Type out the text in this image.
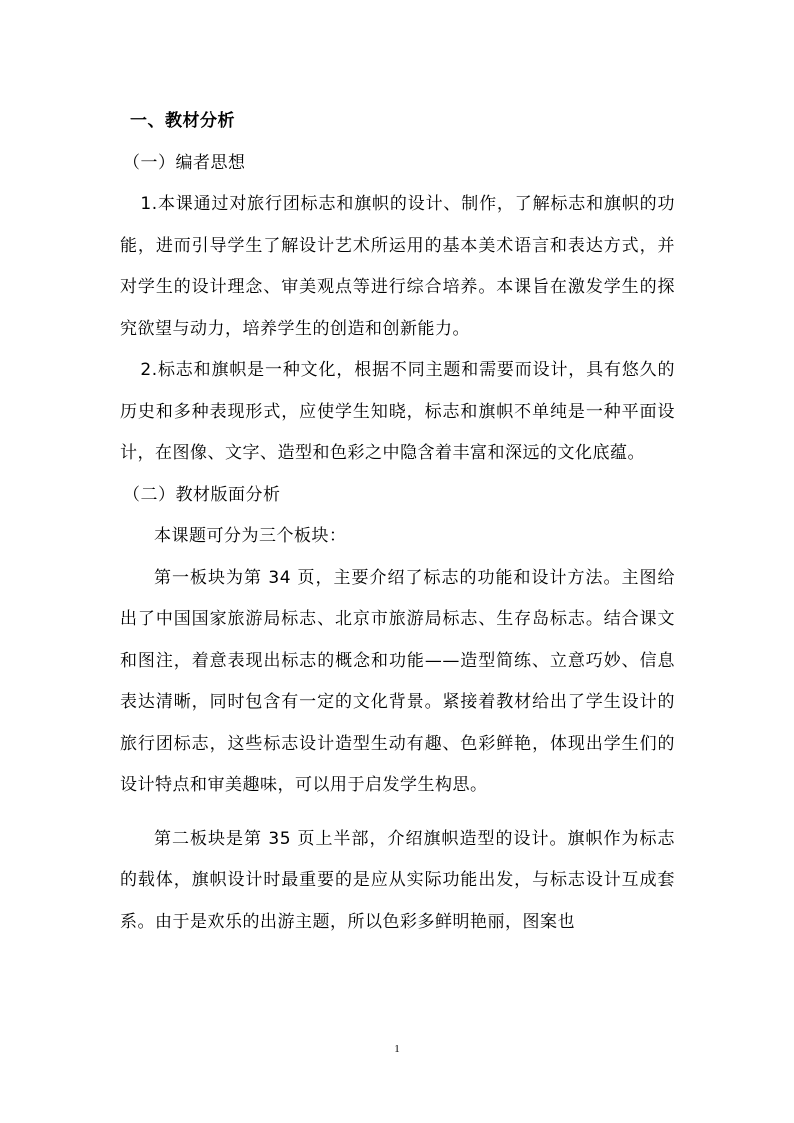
一、教材分析
（一）编者思想

1.本课通过对旅行团标志和旗帜的设计、制作，了解标志和旗帜的功能，进而引导学生了解设计艺术所运用的基本美术语言和表达方式，并对学生的设计理念、审美观点等进行综合培养。本课旨在激发学生的探究欲望与动力，培养学生的创造和创新能力。

2.标志和旗帜是一种文化，根据不同主题和需要而设计，具有悠久的历史和多种表现形式，应使学生知晓，标志和旗帜不单纯是一种平面设计，在图像、文字、造型和色彩之中隐含着丰富和深远的文化底蕴。

（二）教材版面分析

本课题可分为三个板块：

第一板块为第 34 页，主要介绍了标志的功能和设计方法。主图给出了中国国家旅游局标志、北京市旅游局标志、生存岛标志。结合课文和图注，着意表现出标志的概念和功能——造型简练、立意巧妙、信息表达清晰，同时包含有一定的文化背景。紧接着教材给出了学生设计的旅行团标志，这些标志设计造型生动有趣、色彩鲜艳，体现出学生们的设计特点和审美趣味，可以用于启发学生构思。

第二板块是第 35 页上半部，介绍旗帜造型的设计。旗帜作为标志的载体，旗帜设计时最重要的是应从实际功能出发，与标志设计互成套系。由于是欢乐的出游主题，所以色彩多鲜明艳丽，图案也

1
